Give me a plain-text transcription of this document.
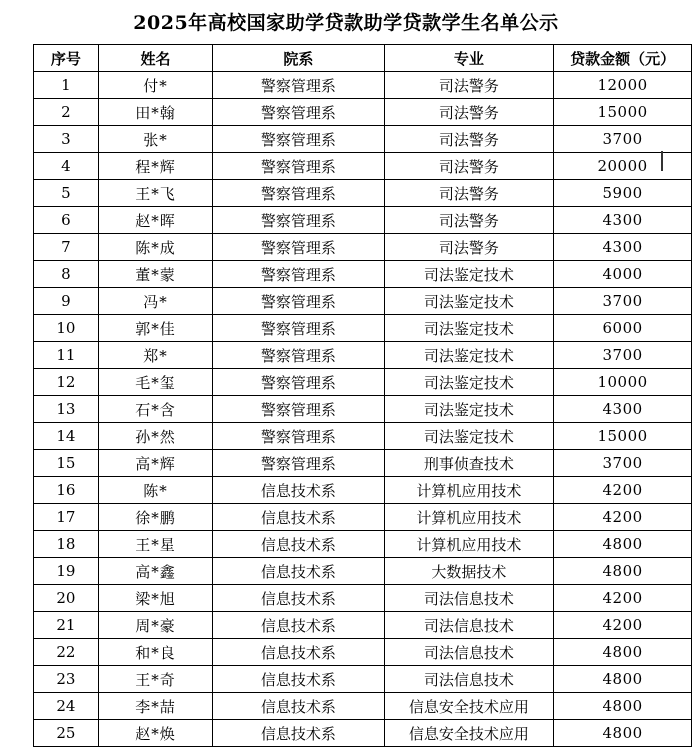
2025年高校国家助学贷款助学贷款学生名单公示
序号	姓名	院系	专业	贷款金额（元）
1	付*	警察管理系	司法警务	12000
2	田*翰	警察管理系	司法警务	15000
3	张*	警察管理系	司法警务	3700
4	程*辉	警察管理系	司法警务	20000
5	王*飞	警察管理系	司法警务	5900
6	赵*晖	警察管理系	司法警务	4300
7	陈*成	警察管理系	司法警务	4300
8	董*蒙	警察管理系	司法鉴定技术	4000
9	冯*	警察管理系	司法鉴定技术	3700
10	郭*佳	警察管理系	司法鉴定技术	6000
11	郑*	警察管理系	司法鉴定技术	3700
12	毛*玺	警察管理系	司法鉴定技术	10000
13	石*含	警察管理系	司法鉴定技术	4300
14	孙*然	警察管理系	司法鉴定技术	15000
15	高*辉	警察管理系	刑事侦查技术	3700
16	陈*	信息技术系	计算机应用技术	4200
17	徐*鹏	信息技术系	计算机应用技术	4200
18	王*星	信息技术系	计算机应用技术	4800
19	高*鑫	信息技术系	大数据技术	4800
20	梁*旭	信息技术系	司法信息技术	4200
21	周*豪	信息技术系	司法信息技术	4200
22	和*良	信息技术系	司法信息技术	4800
23	王*奇	信息技术系	司法信息技术	4800
24	李*喆	信息技术系	信息安全技术应用	4800
25	赵*焕	信息技术系	信息安全技术应用	4800
